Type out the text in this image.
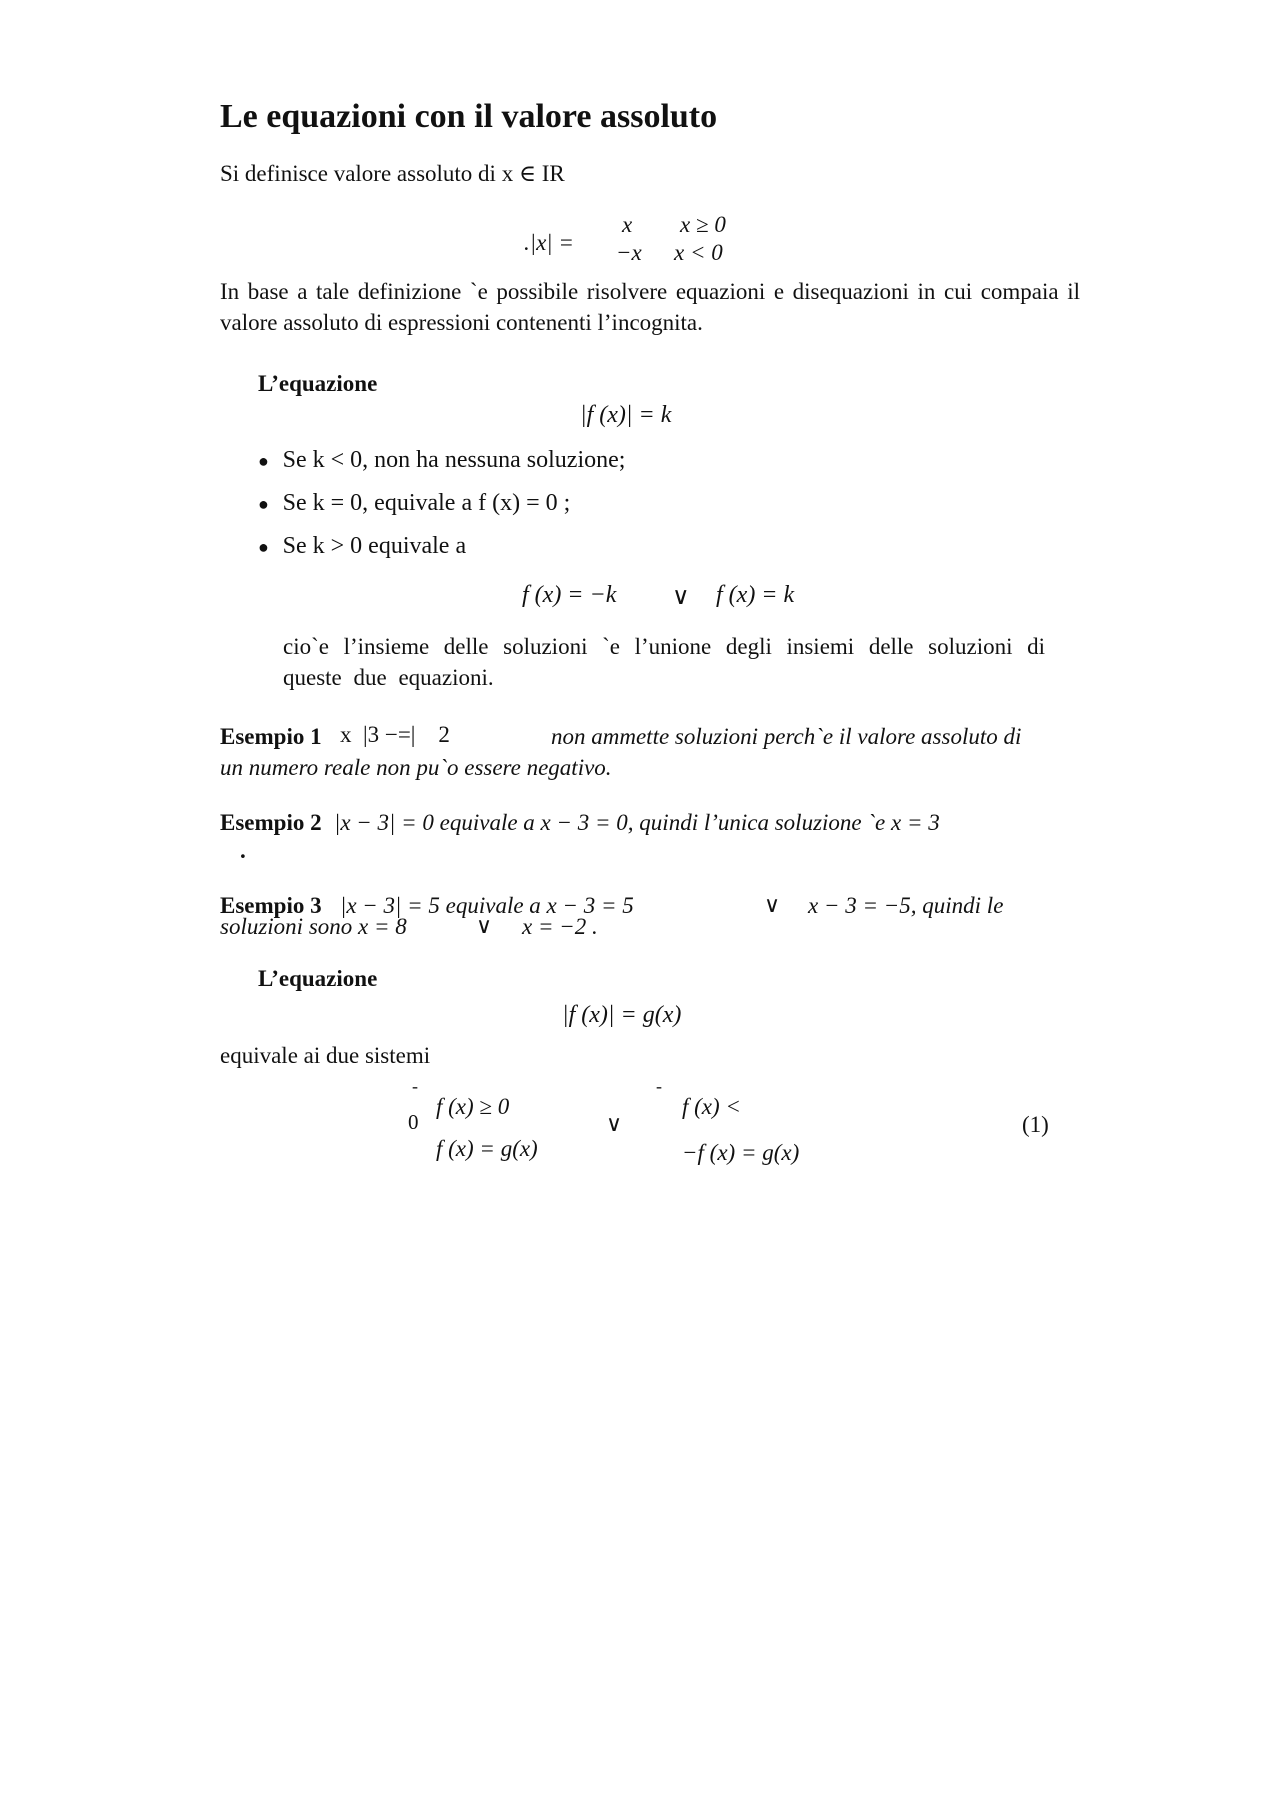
Le equazioni con il valore assoluto
Si definisce valore assoluto di x ∈ IR
.|x| =
x x ≥ 0
−x x < 0
In base a tale definizione `e possibile risolvere equazioni e disequazioni in cui compaia il valore assoluto di espressioni contenenti l’incognita.
L’equazione
|f (x)| = k
● Se k < 0, non ha nessuna soluzione;
● Se k = 0, equivale a f (x) = 0 ;
● Se k > 0 equivale a
f (x) = −k ∨ f (x) = k
cio`e l’insieme delle soluzioni `e l’unione degli insiemi delle soluzioni di queste due equazioni.
Esempio 1 x  |3 −=|    2	non ammette soluzioni perch`e il valore assoluto di
un numero reale non pu`o essere negativo.
Esempio 2 |x − 3| = 0 equivale a x − 3 = 0, quindi l’unica soluzione `e x = 3
.
Esempio 3 |x − 3| = 5 equivale a x − 3 = 5	∨ x − 3 = −5, quindi le
soluzioni sono x = 8	∨ x = −2 .
L’equazione
|f (x)| = g(x)
equivale ai due sistemi
-
0
f (x) ≥ 0
f (x) = g(x)
∨
-
f (x) <
−f (x) = g(x)
(1)
